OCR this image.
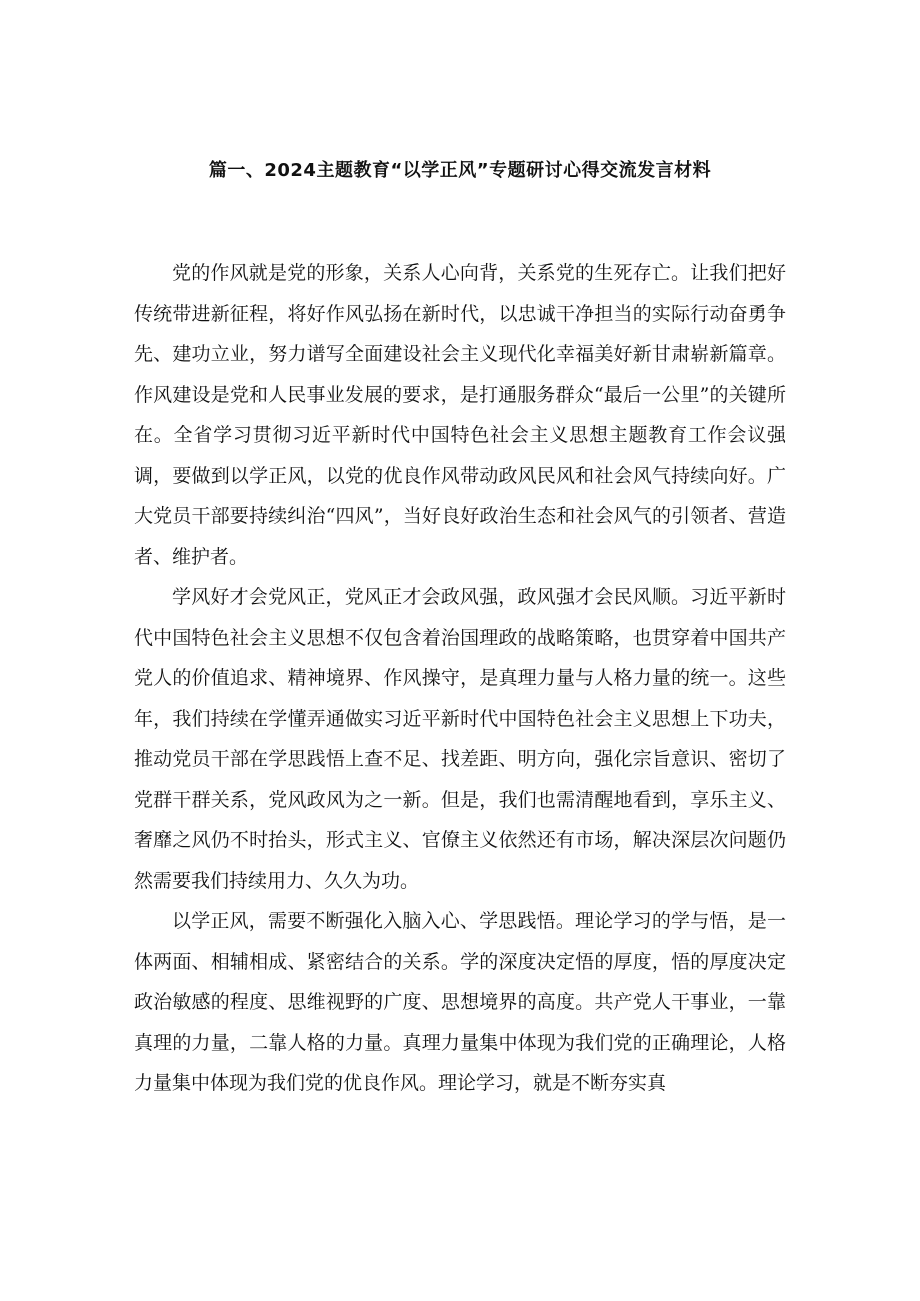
篇一、2024主题教育“以学正风”专题研讨心得交流发言材料

党的作风就是党的形象，关系人心向背，关系党的生死存亡。让我们把好传统带进新征程，将好作风弘扬在新时代，以忠诚干净担当的实际行动奋勇争先、建功立业，努力谱写全面建设社会主义现代化幸福美好新甘肃崭新篇章。作风建设是党和人民事业发展的要求，是打通服务群众“最后一公里”的关键所在。全省学习贯彻习近平新时代中国特色社会主义思想主题教育工作会议强调，要做到以学正风，以党的优良作风带动政风民风和社会风气持续向好。广大党员干部要持续纠治“四风”，当好良好政治生态和社会风气的引领者、营造者、维护者。

学风好才会党风正，党风正才会政风强，政风强才会民风顺。习近平新时代中国特色社会主义思想不仅包含着治国理政的战略策略，也贯穿着中国共产党人的价值追求、精神境界、作风操守，是真理力量与人格力量的统一。这些年，我们持续在学懂弄通做实习近平新时代中国特色社会主义思想上下功夫，推动党员干部在学思践悟上查不足、找差距、明方向，强化宗旨意识、密切了党群干群关系，党风政风为之一新。但是，我们也需清醒地看到，享乐主义、奢靡之风仍不时抬头，形式主义、官僚主义依然还有市场，解决深层次问题仍然需要我们持续用力、久久为功。

以学正风，需要不断强化入脑入心、学思践悟。理论学习的学与悟，是一体两面、相辅相成、紧密结合的关系。学的深度决定悟的厚度，悟的厚度决定政治敏感的程度、思维视野的广度、思想境界的高度。共产党人干事业，一靠真理的力量，二靠人格的力量。真理力量集中体现为我们党的正确理论，人格力量集中体现为我们党的优良作风。理论学习，就是不断夯实真
